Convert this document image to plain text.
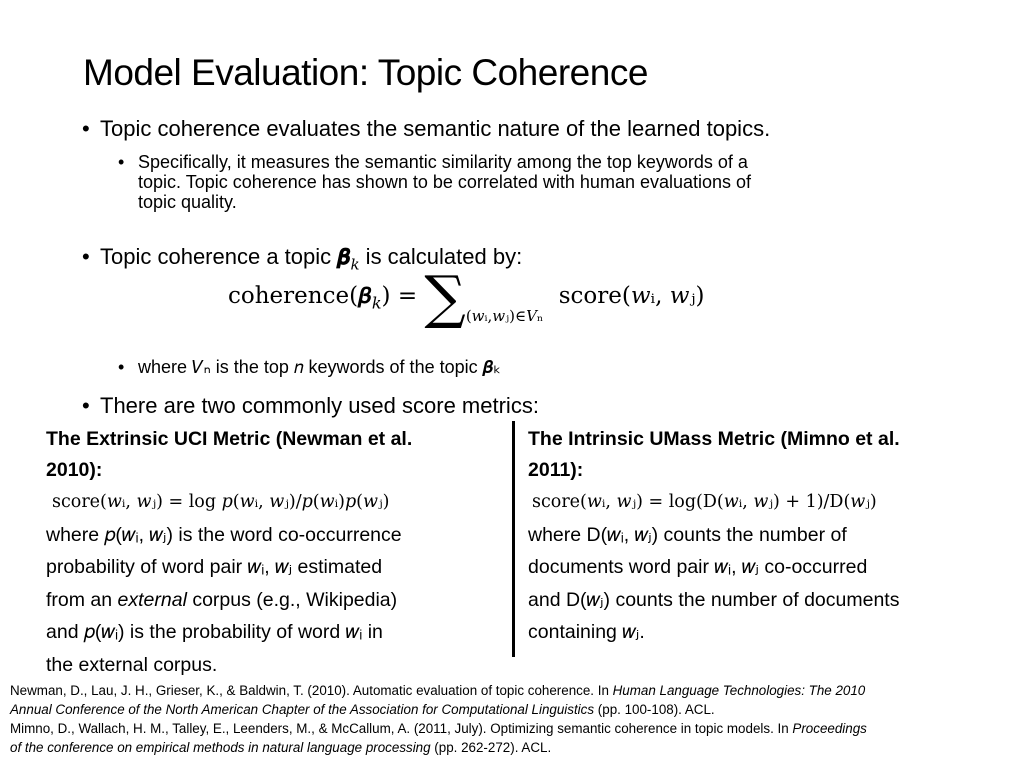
Model Evaluation: Topic Coherence
• Topic coherence evaluates the semantic nature of the learned topics.
• Specifically, it measures the semantic similarity among the top keywords of a
topic. Topic coherence has shown to be correlated with human evaluations of
topic quality.
• Topic coherence a topic 𝜷$_𝑘$ is calculated by:
coherence(𝜷$_𝑘$) = $\sum_{(𝑤ᵢ,𝑤ⱼ)\in 𝑉_n}$ score(𝑤ᵢ, 𝑤ⱼ)
• where 𝑉ₙ is the top 𝑛 keywords of the topic 𝜷ₖ
• There are two commonly used score metrics:
The Extrinsic UCI Metric (Newman et al.
2010):
score(𝑤ᵢ, 𝑤ⱼ) = log 𝑝(𝑤ᵢ, 𝑤ⱼ)/𝑝(𝑤ᵢ)𝑝(𝑤ⱼ)
where 𝑝(𝑤ᵢ, 𝑤ⱼ) is the word co-occurrence
probability of word pair 𝑤ᵢ, 𝑤ⱼ estimated
from an external corpus (e.g., Wikipedia)
and 𝑝(𝑤ᵢ) is the probability of word 𝑤ᵢ in
the external corpus.
The Intrinsic UMass Metric (Mimno et al.
2011):
score(𝑤ᵢ, 𝑤ⱼ) = log(D(𝑤ᵢ, 𝑤ⱼ) + 1)/D(𝑤ⱼ)
where D(𝑤ᵢ, 𝑤ⱼ) counts the number of
documents word pair 𝑤ᵢ, 𝑤ⱼ co-occurred
and D(𝑤ⱼ) counts the number of documents
containing 𝑤ⱼ.
Newman, D., Lau, J. H., Grieser, K., & Baldwin, T. (2010). Automatic evaluation of topic coherence. In Human Language Technologies: The 2010
Annual Conference of the North American Chapter of the Association for Computational Linguistics (pp. 100-108). ACL.
Mimno, D., Wallach, H. M., Talley, E., Leenders, M., & McCallum, A. (2011, July). Optimizing semantic coherence in topic models. In Proceedings
of the conference on empirical methods in natural language processing (pp. 262-272). ACL.
